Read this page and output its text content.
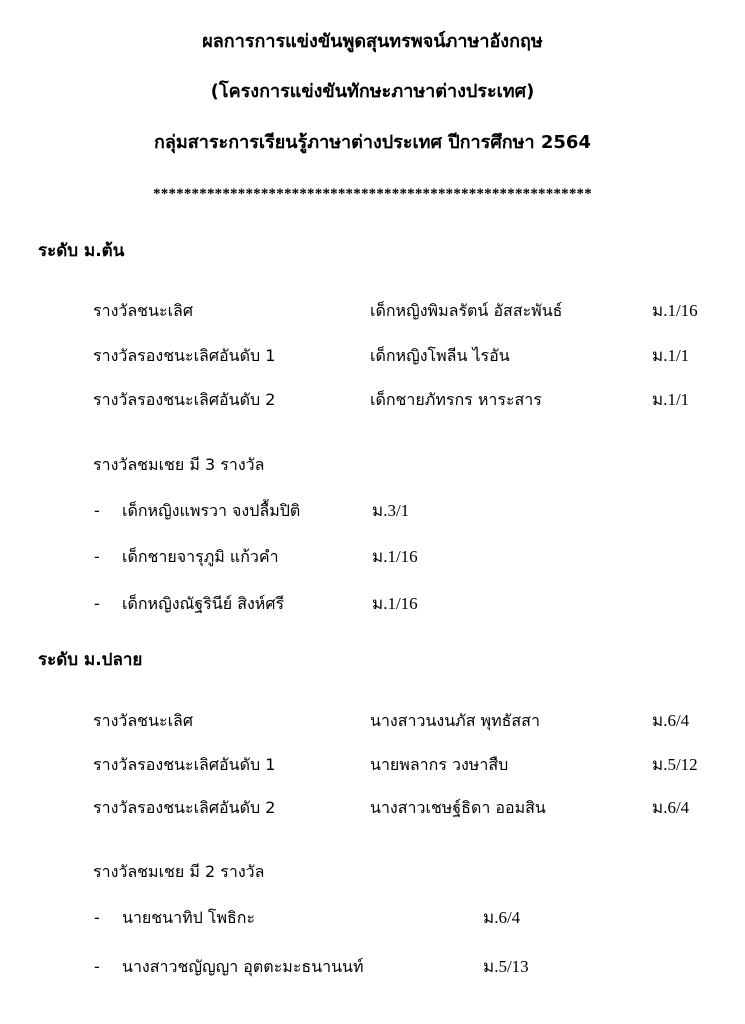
ผลการการแข่งขันพูดสุนทรพจน์ภาษาอังกฤษ
(โครงการแข่งขันทักษะภาษาต่างประเทศ)
กลุ่มสาระการเรียนรู้ภาษาต่างประเทศ ปีการศึกษา 2564
*********************************************************
ระดับ ม.ต้น
รางวัลชนะเลิศ	เด็กหญิงพิมลรัตน์ อัสสะพันธ์	ม.1/16
รางวัลรองชนะเลิศอันดับ 1	เด็กหญิงโพลีน ไรอัน	ม.1/1
รางวัลรองชนะเลิศอันดับ 2	เด็กชายภัทรกร หาระสาร	ม.1/1
รางวัลชมเชย มี 3 รางวัล
- เด็กหญิงแพรวา จงปลื้มปิติ	ม.3/1
- เด็กชายจารุภูมิ แก้วคำ	ม.1/16
- เด็กหญิงณัฐรินีย์ สิงห์ศรี	ม.1/16
ระดับ ม.ปลาย
รางวัลชนะเลิศ	นางสาวนงนภัส พุทธัสสา	ม.6/4
รางวัลรองชนะเลิศอันดับ 1	นายพลากร วงษาสืบ	ม.5/12
รางวัลรองชนะเลิศอันดับ 2	นางสาวเชษฐ์ธิดา ออมสิน	ม.6/4
รางวัลชมเชย มี 2 รางวัล
- นายชนาทิป โพธิกะ	ม.6/4
- นางสาวชญัญญา อุตตะมะธนานนท์	ม.5/13
